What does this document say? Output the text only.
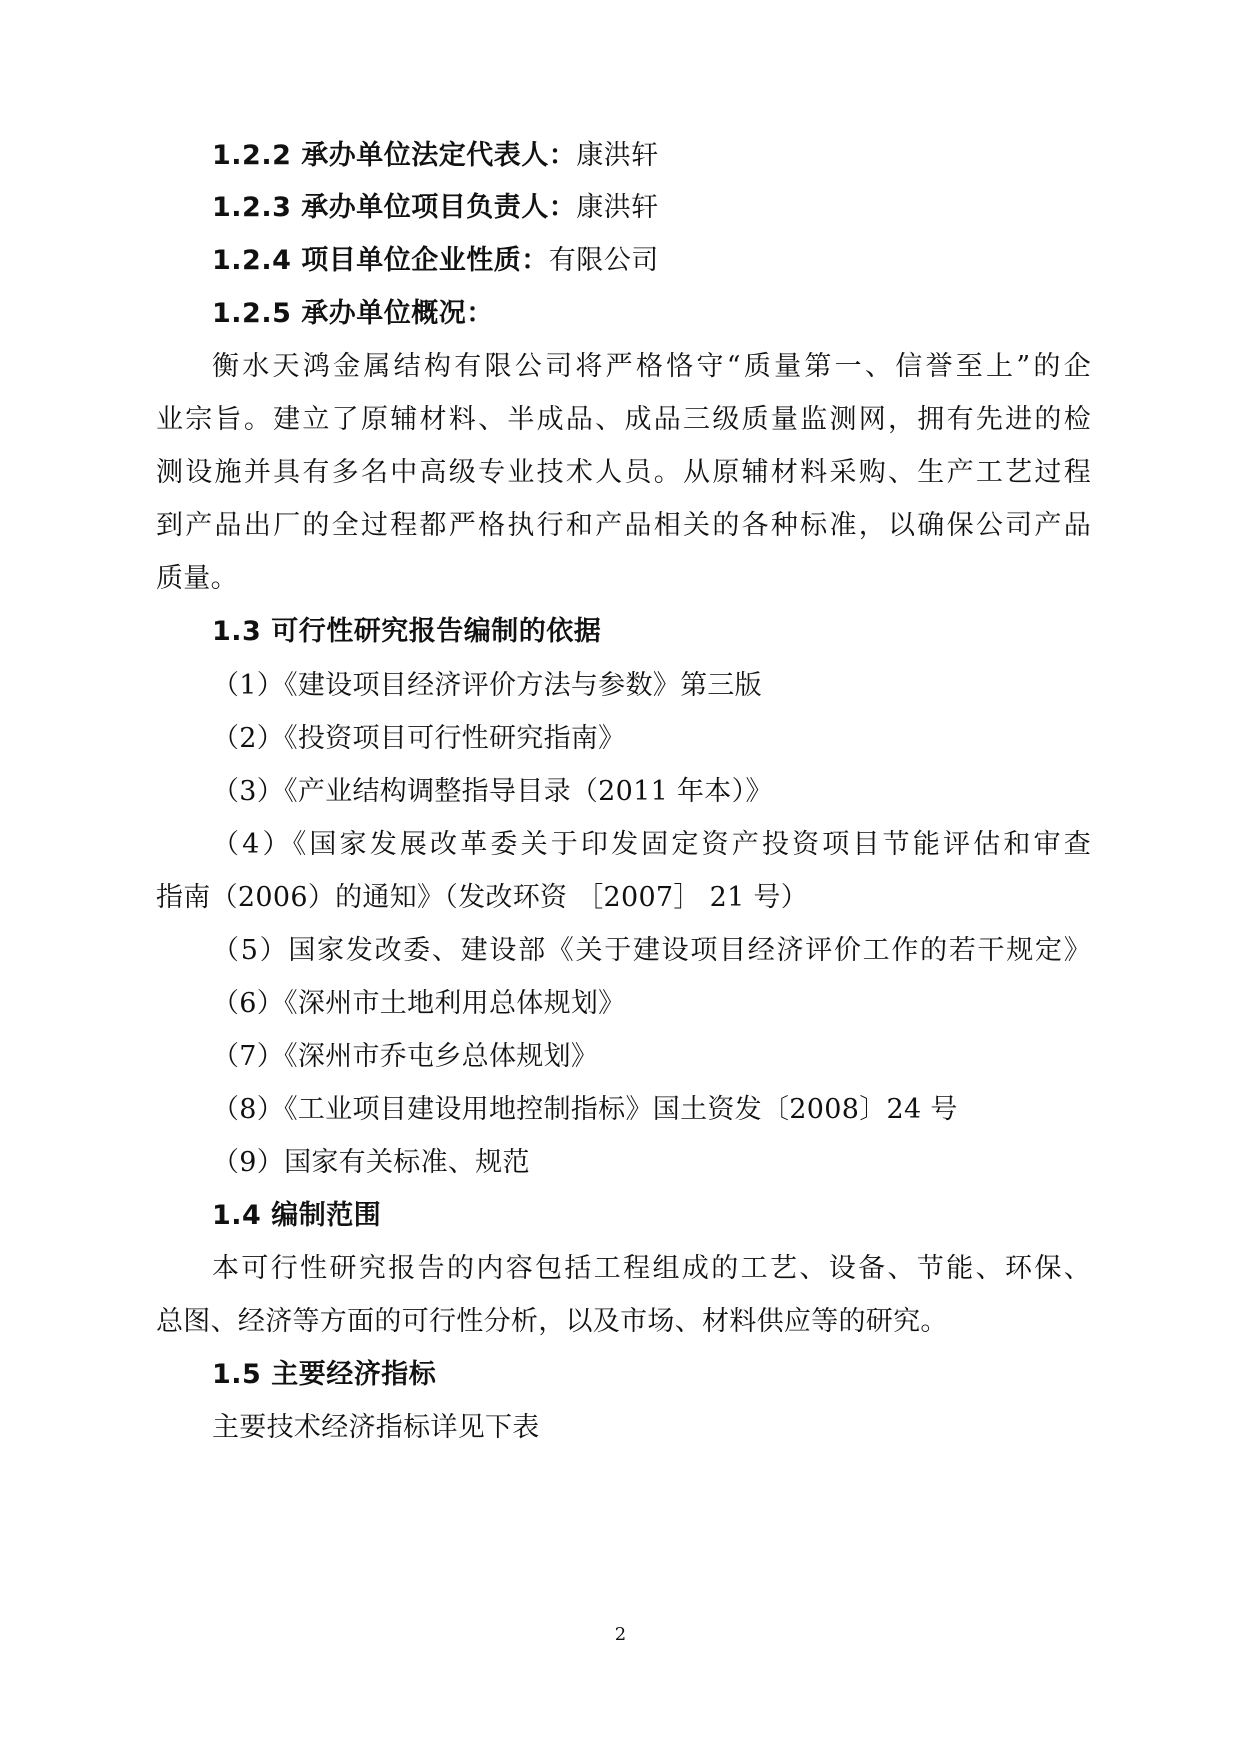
1.2.2 承办单位法定代表人：康洪轩
1.2.3 承办单位项目负责人：康洪轩
1.2.4 项目单位企业性质：有限公司
1.2.5 承办单位概况：
衡水天鸿金属结构有限公司将严格恪守“质量第一、信誉至上”的企
业宗旨。建立了原辅材料、半成品、成品三级质量监测网，拥有先进的检
测设施并具有多名中高级专业技术人员。从原辅材料采购、生产工艺过程
到产品出厂的全过程都严格执行和产品相关的各种标准，以确保公司产品
质量。
1.3 可行性研究报告编制的依据
（1）《建设项目经济评价方法与参数》第三版
（2）《投资项目可行性研究指南》
（3）《产业结构调整指导目录（2011 年本）》
（4）《国家发展改革委关于印发固定资产投资项目节能评估和审查
指南（2006）的通知》（发改环资 ［2007］ 21 号）
（5）国家发改委、建设部《关于建设项目经济评价工作的若干规定》
（6）《深州市土地利用总体规划》
（7）《深州市乔屯乡总体规划》
（8）《工业项目建设用地控制指标》国土资发〔2008〕24 号
（9）国家有关标准、规范
1.4 编制范围
本可行性研究报告的内容包括工程组成的工艺、设备、节能、环保、
总图、经济等方面的可行性分析，以及市场、材料供应等的研究。
1.5 主要经济指标
主要技术经济指标详见下表
2
